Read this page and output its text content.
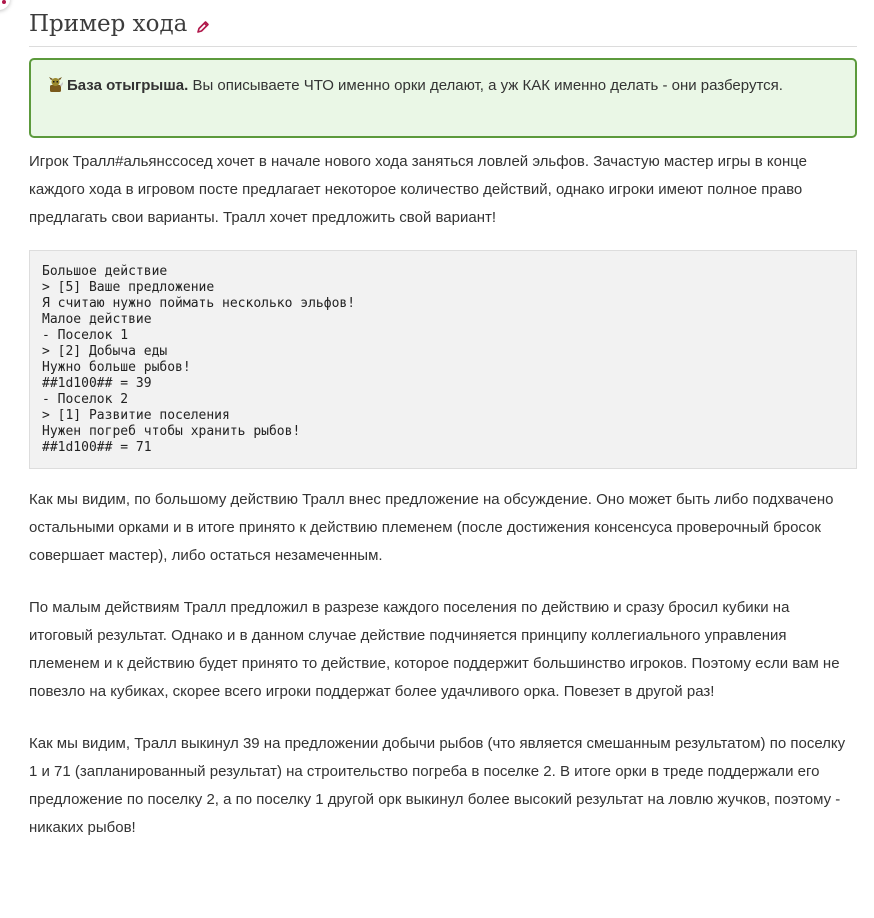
Пример хода
База отыгрыша. Вы описываете ЧТО именно орки делают, а уж КАК именно делать - они разберутся.

Игрок Тралл#альянссосед хочет в начале нового хода заняться ловлей эльфов. Зачастую мастер игры в конце каждого хода в игровом посте предлагает некоторое количество действий, однако игроки имеют полное право предлагать свои варианты. Тралл хочет предложить свой вариант!

Большое действие
> [5] Ваше предложение
Я считаю нужно поймать несколько эльфов!
Малое действие
- Поселок 1
> [2] Добыча еды
Нужно больше рыбов!
##1d100## = 39
- Поселок 2
> [1] Развитие поселения
Нужен погреб чтобы хранить рыбов!
##1d100## = 71

Как мы видим, по большому действию Тралл внес предложение на обсуждение. Оно может быть либо подхвачено остальными орками и в итоге принято к действию племенем (после достижения консенсуса проверочный бросок совершает мастер), либо остаться незамеченным.

По малым действиям Тралл предложил в разрезе каждого поселения по действию и сразу бросил кубики на итоговый результат. Однако и в данном случае действие подчиняется принципу коллегиального управления племенем и к действию будет принято то действие, которое поддержит большинство игроков. Поэтому если вам не повезло на кубиках, скорее всего игроки поддержат более удачливого орка. Повезет в другой раз!

Как мы видим, Тралл выкинул 39 на предложении добычи рыбов (что является смешанным результатом) по поселку 1 и 71 (запланированный результат) на строительство погреба в поселке 2. В итоге орки в треде поддержали его предложение по поселку 2, а по поселку 1 другой орк выкинул более высокий результат на ловлю жучков, поэтому - никаких рыбов!
